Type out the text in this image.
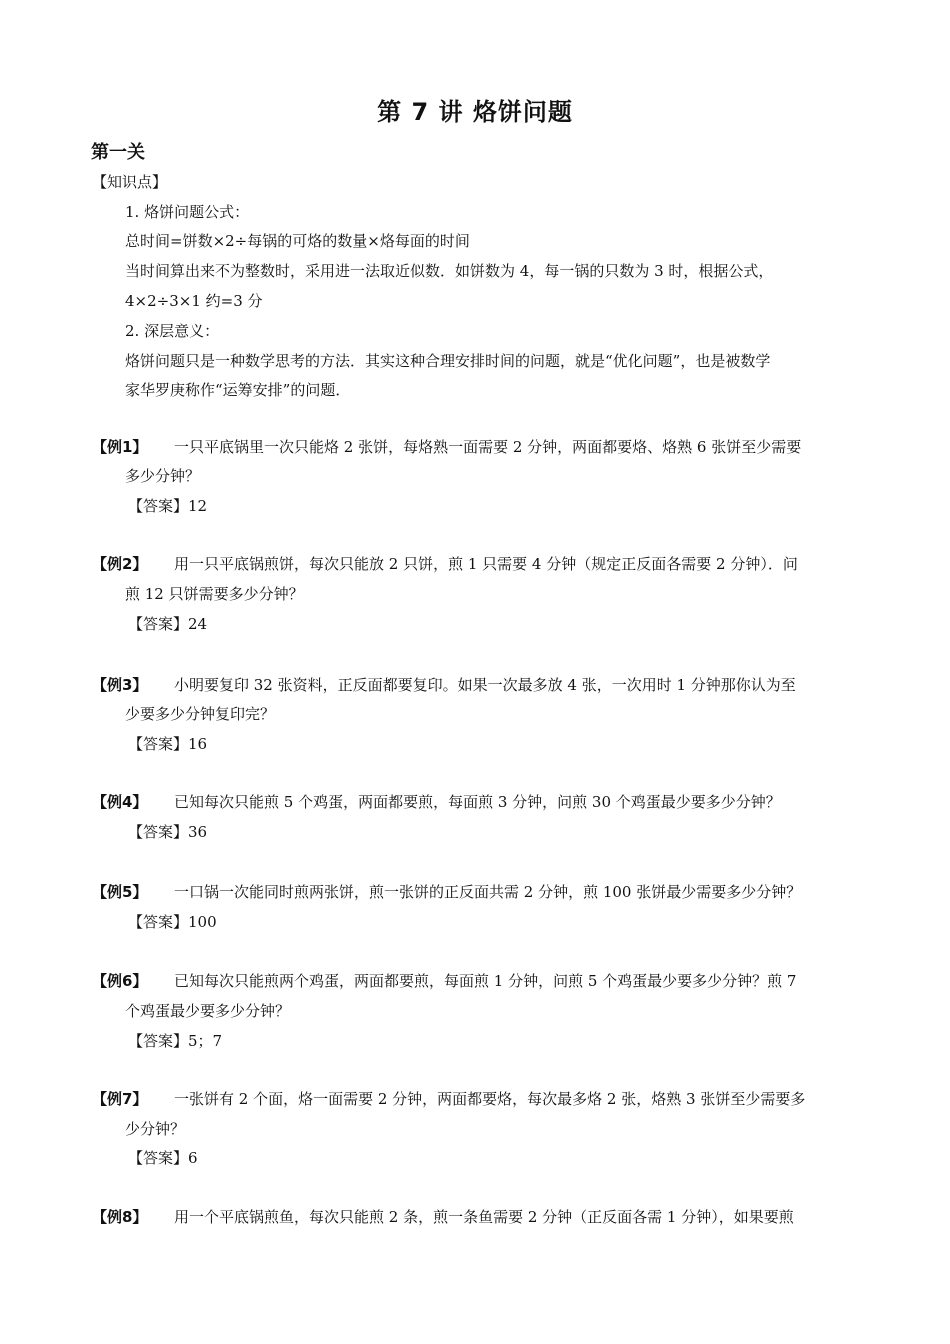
第 7 讲 烙饼问题
第一关
【知识点】
1. 烙饼问题公式：
总时间=饼数×2÷每锅的可烙的数量×烙每面的时间
当时间算出来不为整数时，采用进一法取近似数．如饼数为 4，每一锅的只数为 3 时，根据公式，
4×2÷3×1 约=3 分
2. 深层意义：
烙饼问题只是一种数学思考的方法．其实这种合理安排时间的问题，就是“优化问题”，也是被数学
家华罗庚称作“运筹安排”的问题．
【例1】 一只平底锅里一次只能烙 2 张饼，每烙熟一面需要 2 分钟，两面都要烙、烙熟 6 张饼至少需要
多少分钟？
【答案】12
【例2】 用一只平底锅煎饼，每次只能放 2 只饼，煎 1 只需要 4 分钟（规定正反面各需要 2 分钟）．问
煎 12 只饼需要多少分钟？
【答案】24
【例3】 小明要复印 32 张资料，正反面都要复印。如果一次最多放 4 张，一次用时 1 分钟那你认为至
少要多少分钟复印完？
【答案】16
【例4】 已知每次只能煎 5 个鸡蛋，两面都要煎，每面煎 3 分钟，问煎 30 个鸡蛋最少要多少分钟？
【答案】36
【例5】 一口锅一次能同时煎两张饼，煎一张饼的正反面共需 2 分钟，煎 100 张饼最少需要多少分钟？
【答案】100
【例6】 已知每次只能煎两个鸡蛋，两面都要煎，每面煎 1 分钟，问煎 5 个鸡蛋最少要多少分钟？煎 7
个鸡蛋最少要多少分钟？
【答案】5；7
【例7】 一张饼有 2 个面，烙一面需要 2 分钟，两面都要烙，每次最多烙 2 张，烙熟 3 张饼至少需要多
少分钟？
【答案】6
【例8】 用一个平底锅煎鱼，每次只能煎 2 条，煎一条鱼需要 2 分钟（正反面各需 1 分钟），如果要煎
